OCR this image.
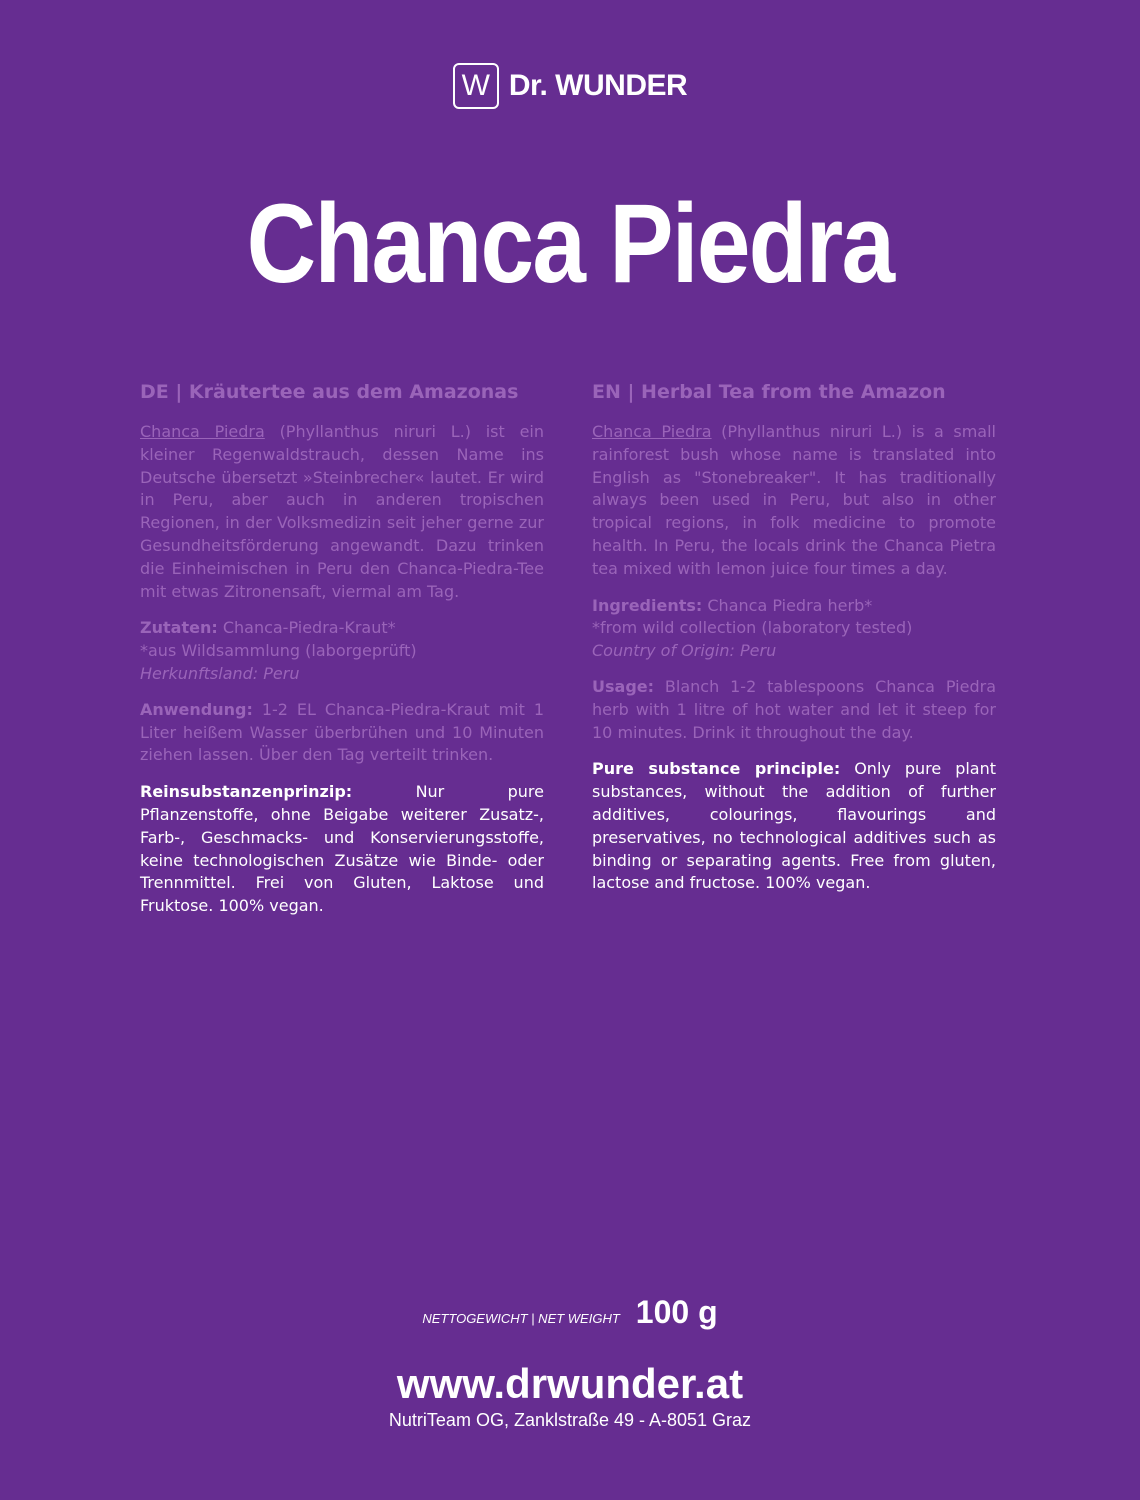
W Dr. WUNDER
Chanca Piedra
DE | Kräutertee aus dem Amazonas

Chanca Piedra (Phyllanthus niruri L.) ist ein kleiner Regenwaldstrauch, dessen Name ins Deutsche übersetzt »Steinbrecher« lautet. Er wird in Peru, aber auch in anderen tropischen Regionen, in der Volksmedizin seit jeher gerne zur Gesundheitsförderung angewandt. Dazu trinken die Einheimischen in Peru den Chanca-Piedra-Tee mit etwas Zitronensaft, viermal am Tag.

Zutaten: Chanca-Piedra-Kraut*
*aus Wildsammlung (laborgeprüft)
Herkunftsland: Peru

Anwendung: 1-2 EL Chanca-Piedra-Kraut mit 1 Liter heißem Wasser überbrühen und 10 Minuten ziehen lassen. Über den Tag verteilt trinken.

Reinsubstanzenprinzip: Nur pure Pflanzenstoffe, ohne Beigabe weiterer Zusatz-, Farb-, Geschmacks- und Konservierungsstoffe, keine technologischen Zusätze wie Binde- oder Trennmittel. Frei von Gluten, Laktose und Fruktose. 100% vegan.

EN | Herbal Tea from the Amazon

Chanca Piedra (Phyllanthus niruri L.) is a small rainforest bush whose name is translated into English as "Stonebreaker". It has traditionally always been used in Peru, but also in other tropical regions, in folk medicine to promote health. In Peru, the locals drink the Chanca Pietra tea mixed with lemon juice four times a day.

Ingredients: Chanca Piedra herb*
*from wild collection (laboratory tested)
Country of Origin: Peru

Usage: Blanch 1-2 tablespoons Chanca Piedra herb with 1 litre of hot water and let it steep for 10 minutes. Drink it throughout the day.

Pure substance principle: Only pure plant substances, without the addition of further additives, colourings, flavourings and preservatives, no technological additives such as binding or separating agents. Free from gluten, lactose and fructose. 100% vegan.

NETTOGEWICHT | NET WEIGHT 100 g
www.drwunder.at
NutriTeam OG, Zanklstraße 49 - A-8051 Graz
